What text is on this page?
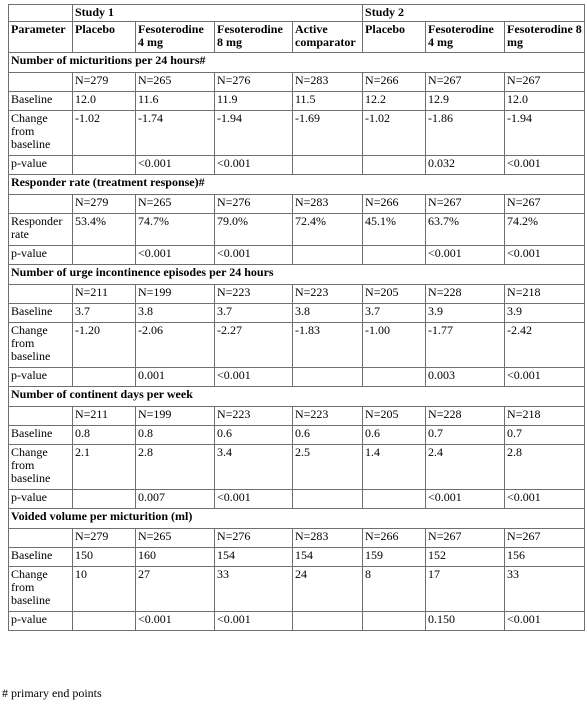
	Study 1				Study 2		
Parameter	Placebo	Fesoterodine 4 mg	Fesoterodine 8 mg	Active comparator	Placebo	Fesoterodine 4 mg	Fesoterodine 8 mg
Number of micturitions per 24 hours#							
	N=279	N=265	N=276	N=283	N=266	N=267	N=267
Baseline	12.0	11.6	11.9	11.5	12.2	12.9	12.0
Change from baseline	-1.02	-1.74	-1.94	-1.69	-1.02	-1.86	-1.94
p-value		<0.001	<0.001			0.032	<0.001
Responder rate (treatment response)#							
	N=279	N=265	N=276	N=283	N=266	N=267	N=267
Responder rate	53.4%	74.7%	79.0%	72.4%	45.1%	63.7%	74.2%
p-value		<0.001	<0.001			<0.001	<0.001
Number of urge incontinence episodes per 24 hours							
	N=211	N=199	N=223	N=223	N=205	N=228	N=218
Baseline	3.7	3.8	3.7	3.8	3.7	3.9	3.9
Change from baseline	-1.20	-2.06	-2.27	-1.83	-1.00	-1.77	-2.42
p-value		0.001	<0.001			0.003	<0.001
Number of continent days per week							
	N=211	N=199	N=223	N=223	N=205	N=228	N=218
Baseline	0.8	0.8	0.6	0.6	0.6	0.7	0.7
Change from baseline	2.1	2.8	3.4	2.5	1.4	2.4	2.8
p-value		0.007	<0.001			<0.001	<0.001
Voided volume per micturition (ml)							
	N=279	N=265	N=276	N=283	N=266	N=267	N=267
Baseline	150	160	154	154	159	152	156
Change from baseline	10	27	33	24	8	17	33
p-value		<0.001	<0.001			0.150	<0.001
# primary end points
